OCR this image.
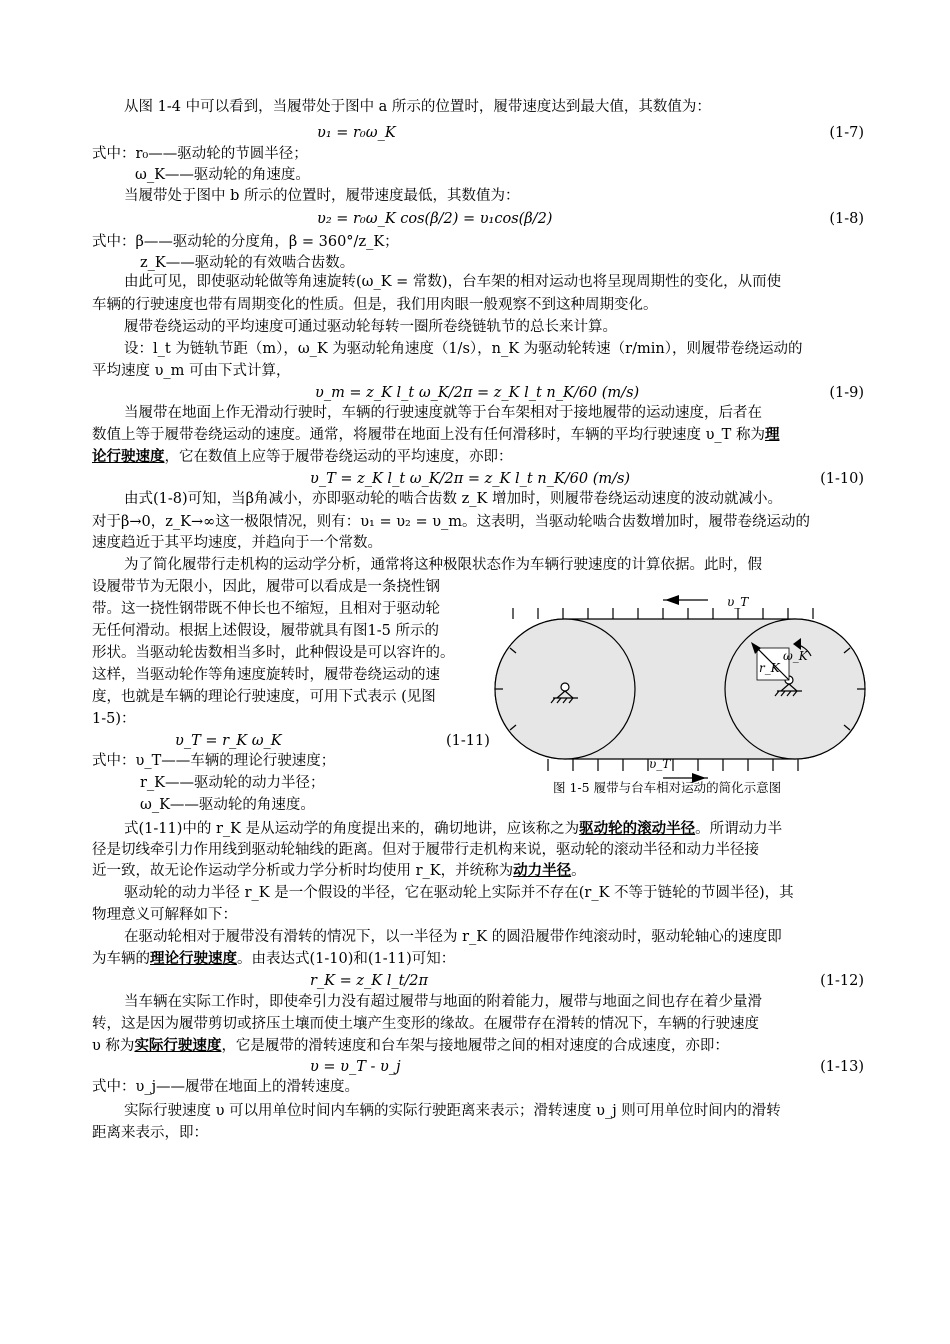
从图 1-4 中可以看到，当履带处于图中 a 所示的位置时，履带速度达到最大值，其数值为：
υ₁ = r₀ω_K	(1-7)
式中：r₀——驱动轮的节圆半径；
ω_K——驱动轮的角速度。
当履带处于图中 b 所示的位置时，履带速度最低，其数值为：
υ₂ = r₀ω_K cos(β/2) = υ₁cos(β/2)	(1-8)
式中：β——驱动轮的分度角，β = 360°/z_K；
z_K——驱动轮的有效啮合齿数。
由此可见，即使驱动轮做等角速旋转(ω_K = 常数)，台车架的相对运动也将呈现周期性的变化，从而使
车辆的行驶速度也带有周期变化的性质。但是，我们用肉眼一般观察不到这种周期变化。
履带卷绕运动的平均速度可通过驱动轮每转一圈所卷绕链轨节的总长来计算。
设：l_t 为链轨节距（m），ω_K 为驱动轮角速度（1/s），n_K 为驱动轮转速（r/min），则履带卷绕运动的
平均速度 υ_m 可由下式计算，
υ_m = z_K l_t ω_K/2π = z_K l_t n_K/60 (m/s)	(1-9)
当履带在地面上作无滑动行驶时，车辆的行驶速度就等于台车架相对于接地履带的运动速度，后者在
数值上等于履带卷绕运动的速度。通常，将履带在地面上没有任何滑移时，车辆的平均行驶速度 υ_T 称为理
论行驶速度，它在数值上应等于履带卷绕运动的平均速度，亦即：
υ_T = z_K l_t ω_K/2π = z_K l_t n_K/60 (m/s)	(1-10)
由式(1-8)可知，当β角减小，亦即驱动轮的啮合齿数 z_K 增加时，则履带卷绕运动速度的波动就减小。
对于β→0，z_K→∞这一极限情况，则有：υ₁ = υ₂ = υ_m。这表明，当驱动轮啮合齿数增加时，履带卷绕运动的
速度趋近于其平均速度，并趋向于一个常数。
为了简化履带行走机构的运动学分析，通常将这种极限状态作为车辆行驶速度的计算依据。此时，假
设履带节为无限小，因此，履带可以看成是一条挠性钢
带。这一挠性钢带既不伸长也不缩短，且相对于驱动轮
无任何滑动。根据上述假设，履带就具有图1-5 所示的
形状。当驱动轮齿数相当多时，此种假设是可以容许的。
这样，当驱动轮作等角速度旋转时，履带卷绕运动的速
度，也就是车辆的理论行驶速度，可用下式表示 (见图
1-5)：
υ_T = r_K ω_K	(1-11)
式中：υ_T——车辆的理论行驶速度；
r_K——驱动轮的动力半径；
ω_K——驱动轮的角速度。
υ_T
υ_T
ω_K
r_K
图 1-5 履带与台车相对运动的简化示意图
式(1-11)中的 r_K 是从运动学的角度提出来的，确切地讲，应该称之为驱动轮的滚动半径。所谓动力半
径是切线牵引力作用线到驱动轮轴线的距离。但对于履带行走机构来说，驱动轮的滚动半径和动力半径接
近一致，故无论作运动学分析或力学分析时均使用 r_K，并统称为动力半径。
驱动轮的动力半径 r_K 是一个假设的半径，它在驱动轮上实际并不存在(r_K 不等于链轮的节圆半径)，其
物理意义可解释如下：
在驱动轮相对于履带没有滑转的情况下，以一半径为 r_K 的圆沿履带作纯滚动时，驱动轮轴心的速度即
为车辆的理论行驶速度。由表达式(1-10)和(1-11)可知：
r_K = z_K l_t/2π	(1-12)
当车辆在实际工作时，即使牵引力没有超过履带与地面的附着能力，履带与地面之间也存在着少量滑
转，这是因为履带剪切或挤压土壤而使土壤产生变形的缘故。在履带存在滑转的情况下，车辆的行驶速度
υ 称为实际行驶速度，它是履带的滑转速度和台车架与接地履带之间的相对速度的合成速度，亦即：
υ = υ_T - υ_j	(1-13)
式中：υ_j——履带在地面上的滑转速度。
实际行驶速度 υ 可以用单位时间内车辆的实际行驶距离来表示；滑转速度 υ_j 则可用单位时间内的滑转
距离来表示，即：
